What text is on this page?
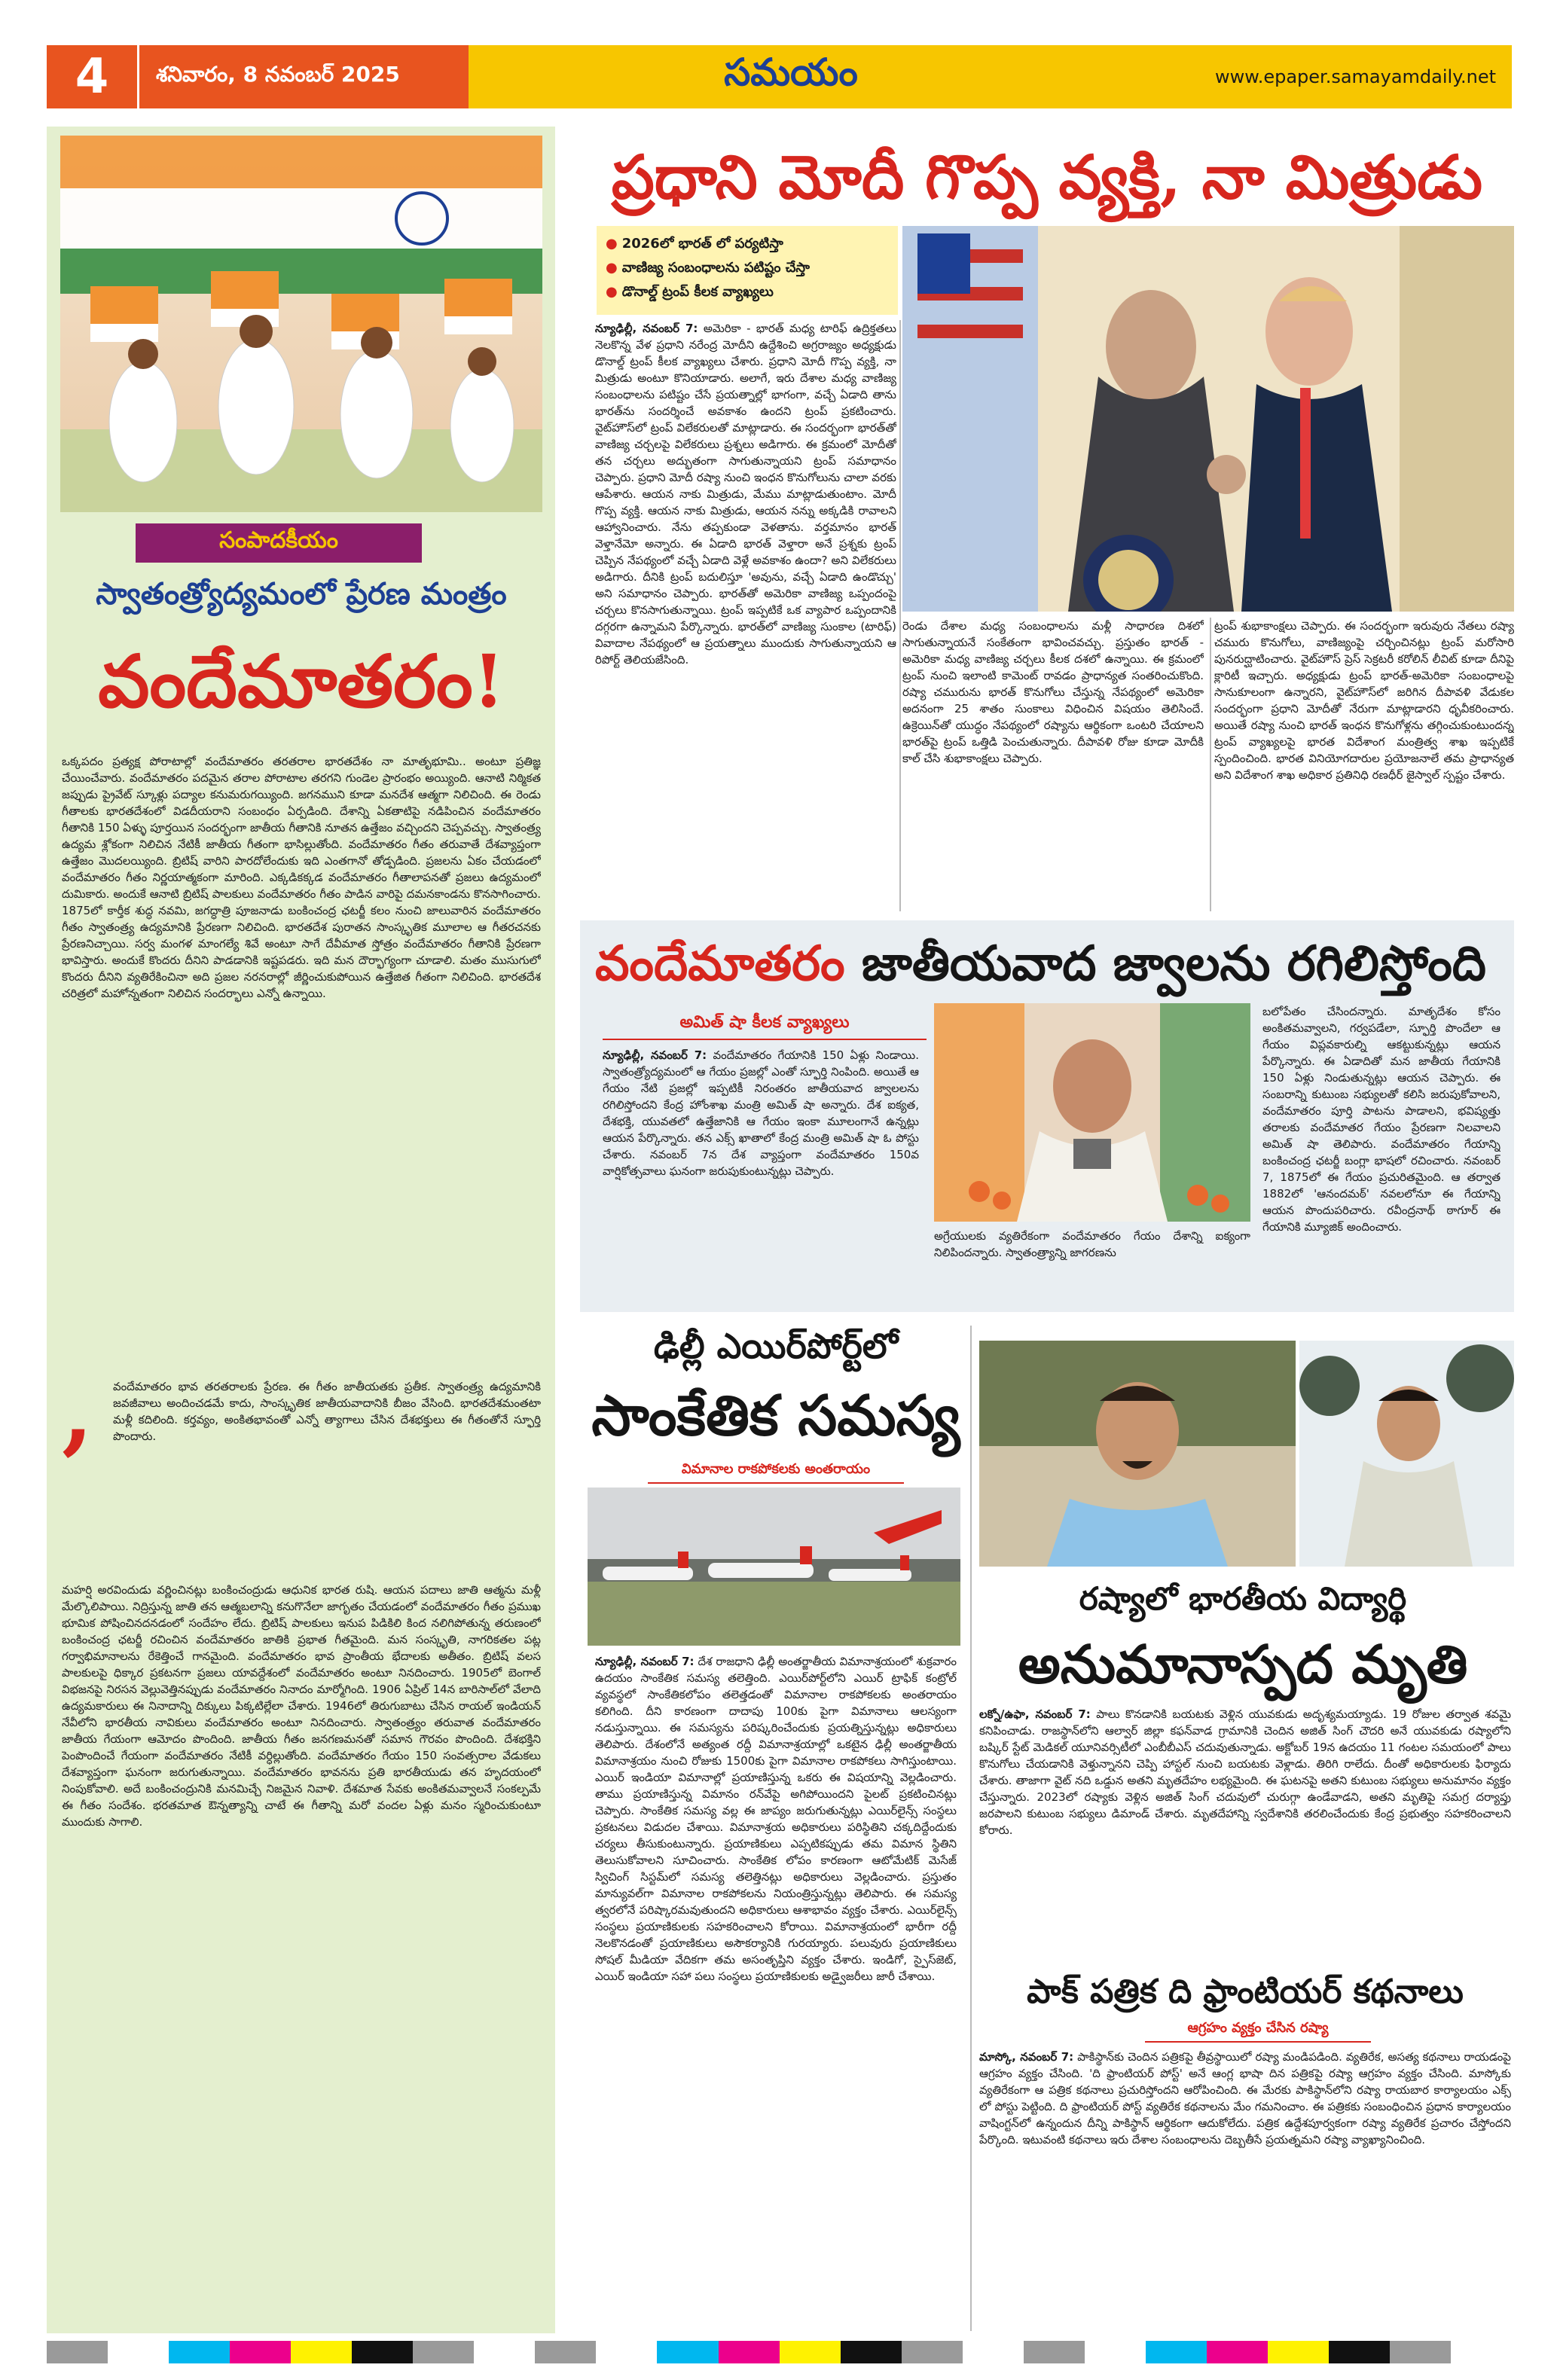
4	శనివారం, 8 నవంబర్ 2025	సమయం	www.epaper.samayamdaily.net
సంపాదకీయం
స్వాతంత్ర్యోద్యమంలో ప్రేరణ మంత్రం
వందేమాతరం!
ఒక్కపదం ప్రత్యక్ష పోరాటాల్లో వందేమాతరం తరతరాల భారతదేశం నా మాతృభూమి.. అంటూ ప్రతిజ్ఞ చేయించేవారు. వందేమాతరం పదమైన తరాల పోరాటాల తరగని గుండెల ప్రారంభం అయ్యింది. ఆనాటి నిఠ్మికత జప్పుడు ప్రైవేట్ స్కూళ్లు పద్యాల కనుమరుగయ్యింది. జగనముని కూడా మనదేశ ఆత్మగా నిలిచింది. ఈ రెండు గీతాలకు భారతదేశంలో విడదీయరాని సంబంధం ఏర్పడింది. దేశాన్ని ఏకతాటిపై నడిపించిన వందేమాతరం గీతానికి 150 ఏళ్ళు పూర్తయిన సందర్భంగా జాతీయ గీతానికి నూతన ఉత్తేజం వచ్చిందని చెప్పవచ్చు. స్వాతంత్ర్య ఉద్యమ శ్లోకంగా నిలిచిన నేటికీ జాతీయ గీతంగా భాసిల్లుతోంది. వందేమాతరం గీతం తరువాతే దేశవ్యాప్తంగా ఉత్తేజం మొదలయ్యింది. బ్రిటిష్ వారిని పారదోలేందుకు ఇది ఎంతగానో తోడ్పడింది. ప్రజలను ఏకం చేయడంలో వందేమాతరం గీతం నిర్ణయాత్మకంగా మారింది. ఎక్కడికక్కడ వందేమాతరం గీతాలాపనతో ప్రజలు ఉద్యమంలో దుమికారు. అందుకే ఆనాటి బ్రిటిష్ పాలకులు వందేమాతరం గీతం పాడిన వారిపై దమనకాండను కొనసాగించారు. 1875లో కార్తీక శుద్ధ నవమి, జగద్ధాత్రి పూజనాడు బంకించంద్ర ఛటర్జీ కలం నుంచి జాలువారిన వందేమాతరం గీతం స్వాతంత్ర్య ఉద్యమానికి ప్రేరణగా నిలిచింది. భారతదేశ పురాతన సాంస్కృతిక మూలాల ఆ గీతరచనకు ప్రేరణనిచ్చాయి. సర్వ మంగళ మాంగల్యే శివే అంటూ సాగే దేవీమాత స్తోత్రం వందేమాతరం గీతానికి ప్రేరణగా భావిస్తారు. అందుకే కొందరు దీనిని పాడడానికి ఇష్టపడరు. ఇది మన దౌర్భాగ్యంగా చూడాలి. మతం ముసుగులో కొందరు దీనిని వ్యతిరేకించినా అది ప్రజల నరనరాల్లో జీర్ణించుకుపోయిన ఉత్తేజిత గీతంగా నిలిచింది. భారతదేశ చరిత్రలో మహోన్నతంగా నిలిచిన సందర్భాలు ఎన్నో ఉన్నాయి.
,	వందేమాతరం భావ తరతరాలకు ప్రేరణ. ఈ గీతం జాతీయతకు ప్రతీక. స్వాతంత్ర్య ఉద్యమానికి జవజీవాలు అందించడమే కాదు, సాంస్కృతిక జాతీయవాదానికి బీజం వేసింది. భారతదేశమంతటా మళ్లీ కదిలింది. కర్తవ్యం, అంకితభావంతో ఎన్నో త్యాగాలు చేసిన దేశభక్తులు ఈ గీతంతోనే స్ఫూర్తి పొందారు.
మహర్షి అరవిందుడు వర్ణించినట్లు బంకించంద్రుడు ఆధునిక భారత రుషి. ఆయన పదాలు జాతి ఆత్మను మళ్లీ మేల్కొలిపాయి. నిద్రిస్తున్న జాతి తన ఆత్మబలాన్ని కనుగొనేలా జాగృతం చేయడంలో వందేమాతరం గీతం ప్రముఖ భూమిక పోషించినదనడంలో సందేహం లేదు. బ్రిటిష్ పాలకులు ఇనుప పిడికిలి కింద నలిగిపోతున్న తరుణంలో బంకించంద్ర ఛటర్జీ రచించిన వందేమాతరం జాతికి ప్రభాత గీతమైంది. మన సంస్కృతి, నాగరికతల పట్ల గర్వాభిమానాలను రేకెత్తించే గానమైంది. వందేమాతరం భావ ప్రాంతీయ భేదాలకు అతీతం. బ్రిటిష్ వలస పాలకులపై ధిక్కార ప్రకటనగా ప్రజలు యావద్దేశంలో వందేమాతరం అంటూ నినదించారు. 1905లో బెంగాల్ విభజనపై నిరసన వెల్లువెత్తినప్పుడు వందేమాతరం నినాదం మార్మోగింది. 1906 ఏప్రిల్ 14న బారిసాల్‌లో వేలాది ఉద్యమకారులు ఈ నినాదాన్ని దిక్కులు పిక్కటిల్లేలా చేశారు. 1946లో తిరుగుబాటు చేసిన రాయల్ ఇండియన్ నేవీలోని భారతీయ నావికులు వందేమాతరం అంటూ నినదించారు. స్వాతంత్ర్యం తరువాత వందేమాతరం జాతీయ గేయంగా ఆమోదం పొందింది. జాతీయ గీతం జనగణమనతో సమాన గౌరవం పొందింది. దేశభక్తిని పెంపొందించే గేయంగా వందేమాతరం నేటికీ వర్ధిల్లుతోంది. వందేమాతరం గేయం 150 సంవత్సరాల వేడుకలు దేశవ్యాప్తంగా ఘనంగా జరుగుతున్నాయి. వందేమాతరం భావనను ప్రతి భారతీయుడు తన హృదయంలో నింపుకోవాలి. అదే బంకించంద్రునికి మనమిచ్చే నిజమైన నివాళి. దేశమాత సేవకు అంకితమవ్వాలనే సంకల్పమే ఈ గీతం సందేశం. భరతమాత ఔన్నత్యాన్ని చాటే ఈ గీతాన్ని మరో వందల ఏళ్లు మనం స్మరించుకుంటూ ముందుకు సాగాలి.
ప్రధాని మోదీ గొప్ప వ్యక్తి, నా మిత్రుడు
● 2026లో భారత్ లో పర్యటిస్తా
● వాణిజ్య సంబంధాలను పటిష్టం చేస్తా
● డొనాల్డ్ ట్రంప్ కీలక వ్యాఖ్యలు
న్యూఢిల్లీ, నవంబర్ 7: అమెరికా - భారత్ మధ్య టారిఫ్ ఉద్రిక్తతలు నెలకొన్న వేళ ప్రధాని నరేంద్ర మోదీని ఉద్దేశించి అగ్రరాజ్యం అధ్యక్షుడు డొనాల్డ్ ట్రంప్ కీలక వ్యాఖ్యలు చేశారు. ప్రధాని మోదీ గొప్ప వ్యక్తి, నా మిత్రుడు అంటూ కొనియాడారు. అలాగే, ఇరు దేశాల మధ్య వాణిజ్య సంబంధాలను పటిష్టం చేసే ప్రయత్నాల్లో భాగంగా, వచ్చే ఏడాది తాను భారత్‌ను సందర్శించే అవకాశం ఉందని ట్రంప్ ప్రకటించారు. వైట్‌హౌస్‌లో ట్రంప్ విలేకరులతో మాట్లాడారు. ఈ సందర్భంగా భారత్‌తో వాణిజ్య చర్చలపై విలేకరులు ప్రశ్నలు అడిగారు. ఈ క్రమంలో మోదీతో తన చర్చలు అద్భుతంగా సాగుతున్నాయని ట్రంప్ సమాధానం చెప్పారు. ప్రధాని మోదీ రష్యా నుంచి ఇంధన కొనుగోలును చాలా వరకు ఆపేశారు. ఆయన నాకు మిత్రుడు, మేము మాట్లాడుతుంటాం. మోదీ గొప్ప వ్యక్తి. ఆయన నాకు మిత్రుడు, ఆయన నన్ను అక్కడికి రావాలని ఆహ్వానించారు. నేను తప్పకుండా వెళతాను. వర్తమానం భారత్ వెళ్తానేమో అన్నారు. ఈ ఏడాది భారత్ వెళ్తారా అనే ప్రశ్నకు ట్రంప్ చెప్పిన నేపథ్యంలో వచ్చే ఏడాది వెళ్లే అవకాశం ఉందా? అని విలేకరులు అడిగారు. దీనికి ట్రంప్ బదులిస్తూ 'అవును, వచ్చే ఏడాది ఉండొచ్చు' అని సమాధానం చెప్పారు. భారత్‌తో అమెరికా వాణిజ్య ఒప్పందంపై చర్చలు కొనసాగుతున్నాయి. ట్రంప్ ఇప్పటికే ఒక వ్యాపార ఒప్పందానికి దగ్గరగా ఉన్నామని పేర్కొన్నారు. భారత్‌లో వాణిజ్య సుంకాల (టారిఫ్) వివాదాల నేపథ్యంలో ఆ ప్రయత్నాలు ముందుకు సాగుతున్నాయని ఆ రిపోర్ట్ తెలియజేసింది.
రెండు దేశాల మధ్య సంబంధాలను మళ్లీ సాధారణ దిశలో సాగుతున్నాయనే సంకేతంగా భావించవచ్చు. ప్రస్తుతం భారత్ - అమెరికా మధ్య వాణిజ్య చర్చలు కీలక దశలో ఉన్నాయి. ఈ క్రమంలో ట్రంప్ నుంచి ఇలాంటి కామెంట్ రావడం ప్రాధాన్యత సంతరించుకొంది. రష్యా చమురును భారత్ కొనుగోలు చేస్తున్న నేపథ్యంలో అమెరికా అదనంగా 25 శాతం సుంకాలు విధించిన విషయం తెలిసిందే. ఉక్రెయిన్‌తో యుద్ధం నేపథ్యంలో రష్యాను ఆర్థికంగా ఒంటరి చేయాలని భారత్‌పై ట్రంప్ ఒత్తిడి పెంచుతున్నారు. దీపావళి రోజు కూడా మోదీకి కాల్ చేసి శుభాకాంక్షలు చెప్పారు.
ట్రంప్ శుభాకాంక్షలు చెప్పారు. ఈ సందర్భంగా ఇరువురు నేతలు రష్యా చమురు కొనుగోలు, వాణిజ్యంపై చర్చించినట్లు ట్రంప్ మరోసారి పునరుద్ఘాటించారు. వైట్‌హౌస్ ప్రెస్ సెక్రటరీ కరోలిన్ లీవిట్ కూడా దీనిపై క్లారిటీ ఇచ్చారు. అధ్యక్షుడు ట్రంప్ భారత్-అమెరికా సంబంధాలపై సానుకూలంగా ఉన్నారని, వైట్‌హౌస్‌లో జరిగిన దీపావళి వేడుకల సందర్భంగా ప్రధాని మోదీతో నేరుగా మాట్లాడారని ధృవీకరించారు. అయితే రష్యా నుంచి భారత్ ఇంధన కొనుగోళ్లను తగ్గించుకుంటుందన్న ట్రంప్ వ్యాఖ్యలపై భారత విదేశాంగ మంత్రిత్వ శాఖ ఇప్పటికే స్పందించింది. భారత వినియోగదారుల ప్రయోజనాలే తమ ప్రాధాన్యత అని విదేశాంగ శాఖ అధికార ప్రతినిధి రణధీర్ జైస్వాల్ స్పష్టం చేశారు.
వందేమాతరం జాతీయవాద జ్వాలను రగిలిస్తోంది
అమిత్ షా కీలక వ్యాఖ్యలు
న్యూఢిల్లీ, నవంబర్ 7: వందేమాతరం గేయానికి 150 ఏళ్లు నిండాయి. స్వాతంత్ర్యోద్యమంలో ఆ గేయం ప్రజల్లో ఎంతో స్ఫూర్తి నింపింది. అయితే ఆ గేయం నేటి ప్రజల్లో ఇప్పటికీ నిరంతరం జాతీయవాద జ్వాలలను రగిలిస్తోందని కేంద్ర హోంశాఖ మంత్రి అమిత్ షా అన్నారు. దేశ ఐక్యత, దేశభక్తి, యువతలో ఉత్తేజానికి ఆ గేయం ఇంకా మూలంగానే ఉన్నట్లు ఆయన పేర్కొన్నారు. తన ఎక్స్ ఖాతాలో కేంద్ర మంత్రి అమిత్ షా ఓ పోస్టు చేశారు. నవంబర్ 7న దేశ వ్యాప్తంగా వందేమాతరం 150వ వార్షికోత్సవాలు ఘనంగా జరుపుకుంటున్నట్లు చెప్పారు.
అగ్రేయులకు వ్యతిరేకంగా వందేమాతరం గేయం దేశాన్ని ఐక్యంగా నిలిపిందన్నారు. స్వాతంత్ర్యాన్ని జాగరణను
బలోపేతం చేసిందన్నారు. మాతృదేశం కోసం అంకితమవ్వాలని, గర్వపడేలా, స్ఫూర్తి పొందేలా ఆ గేయం విప్లవకారుల్ని ఆకట్టుకున్నట్లు ఆయన పేర్కొన్నారు. ఈ ఏడాదితో మన జాతీయ గేయానికి 150 ఏళ్లు నిండుతున్నట్లు ఆయన చెప్పారు. ఈ సంబరాన్ని కుటుంబ సభ్యులతో కలిసి జరుపుకోవాలని, వందేమాతరం పూర్తి పాటను పాడాలని, భవిష్యత్తు తరాలకు వందేమాతర గేయం ప్రేరణగా నిలవాలని అమిత్ షా తెలిపారు. వందేమాతరం గేయాన్ని బంకించంద్ర ఛటర్జీ బంగ్లా భాషలో రచించారు. నవంబర్ 7, 1875లో ఈ గేయం ప్రచురితమైంది. ఆ తర్వాత 1882లో 'ఆనందమఠ్' నవలలోనూ ఈ గేయాన్ని ఆయన పొందుపరిచారు. రవీంద్రనాథ్ ఠాగూర్ ఈ గేయానికి మ్యూజిక్ అందించారు.
ఢిల్లీ ఎయిర్‌పోర్ట్‌లో
సాంకేతిక సమస్య
విమానాల రాకపోకలకు అంతరాయం
న్యూఢిల్లీ, నవంబర్ 7: దేశ రాజధాని ఢిల్లీ అంతర్జాతీయ విమానాశ్రయంలో శుక్రవారం ఉదయం సాంకేతిక సమస్య తలెత్తింది. ఎయిర్‌పోర్ట్‌లోని ఎయిర్ ట్రాఫిక్ కంట్రోల్ వ్యవస్థలో సాంకేతికలోపం తలెత్తడంతో విమానాల రాకపోకలకు అంతరాయం కలిగింది. దీని కారణంగా దాదాపు 100కు పైగా విమానాలు ఆలస్యంగా నడుస్తున్నాయి. ఈ సమస్యను పరిష్కరించేందుకు ప్రయత్నిస్తున్నట్లు అధికారులు తెలిపారు. దేశంలోనే అత్యంత రద్దీ విమానాశ్రయాల్లో ఒకటైన ఢిల్లీ అంతర్జాతీయ విమానాశ్రయం నుంచి రోజుకు 1500కు పైగా విమానాల రాకపోకలు సాగిస్తుంటాయి. ఎయిర్ ఇండియా విమానాల్లో ప్రయాణిస్తున్న ఒకరు ఈ విషయాన్ని వెల్లడించారు. తాము ప్రయాణిస్తున్న విమానం రన్‌వేపై అగిపోయిందని పైలట్ ప్రకటించినట్లు చెప్పారు. సాంకేతిక సమస్య వల్ల ఈ జాప్యం జరుగుతున్నట్లు ఎయిర్‌లైన్స్ సంస్థలు ప్రకటనలు విడుదల చేశాయి. విమానాశ్రయ అధికారులు పరిస్థితిని చక్కదిద్దేందుకు చర్యలు తీసుకుంటున్నారు. ప్రయాణికులు ఎప్పటికప్పుడు తమ విమాన స్థితిని తెలుసుకోవాలని సూచించారు. సాంకేతిక లోపం కారణంగా ఆటోమేటిక్ మెసేజ్ స్విచింగ్ సిస్టమ్‌లో సమస్య తలెత్తినట్లు అధికారులు వెల్లడించారు. ప్రస్తుతం మాన్యువల్‌గా విమానాల రాకపోకలను నియంత్రిస్తున్నట్లు తెలిపారు. ఈ సమస్య త్వరలోనే పరిష్కారమవుతుందని అధికారులు ఆశాభావం వ్యక్తం చేశారు. ఎయిర్‌లైన్స్ సంస్థలు ప్రయాణికులకు సహకరించాలని కోరాయి. విమానాశ్రయంలో భారీగా రద్దీ నెలకొనడంతో ప్రయాణికులు అసౌకర్యానికి గురయ్యారు. పలువురు ప్రయాణికులు సోషల్ మీడియా వేదికగా తమ అసంతృప్తిని వ్యక్తం చేశారు. ఇండిగో, స్పైస్‌జెట్, ఎయిర్ ఇండియా సహా పలు సంస్థలు ప్రయాణికులకు అడ్వైజరీలు జారీ చేశాయి.
రష్యాలో భారతీయ విద్యార్థి
అనుమానాస్పద మృతి
లక్నో/ఉఫా, నవంబర్ 7: పాలు కొనడానికి బయటకు వెళ్లిన యువకుడు అదృశ్యమయ్యాడు. 19 రోజుల తర్వాత శవమై కనిపించాడు. రాజస్థాన్‌లోని ఆల్వార్ జిల్లా కఫన్‌వాడ గ్రామానికి చెందిన అజిత్ సింగ్ చౌదరి అనే యువకుడు రష్యాలోని బష్కిర్ స్టేట్ మెడికల్ యూనివర్సిటీలో ఎంబీబీఎస్ చదువుతున్నాడు. అక్టోబర్ 19న ఉదయం 11 గంటల సమయంలో పాలు కొనుగోలు చేయడానికి వెళ్తున్నానని చెప్పి హాస్టల్ నుంచి బయటకు వెళ్లాడు. తిరిగి రాలేదు. దీంతో అధికారులకు ఫిర్యాదు చేశారు. తాజాగా వైట్ నది ఒడ్డున అతని మృతదేహం లభ్యమైంది. ఈ ఘటనపై అతని కుటుంబ సభ్యులు అనుమానం వ్యక్తం చేస్తున్నారు. 2023లో రష్యాకు వెళ్లిన అజిత్ సింగ్ చదువులో చురుగ్గా ఉండేవాడని, అతని మృతిపై సమగ్ర దర్యాప్తు జరపాలని కుటుంబ సభ్యులు డిమాండ్ చేశారు. మృతదేహాన్ని స్వదేశానికి తరలించేందుకు కేంద్ర ప్రభుత్వం సహకరించాలని కోరారు.
పాక్ పత్రిక ది ఫ్రాంటియర్ కథనాలు
ఆగ్రహం వ్యక్తం చేసిన రష్యా
మాస్కో, నవంబర్ 7: పాకిస్థాన్‌కు చెందిన పత్రికపై తీవ్రస్థాయిలో రష్యా మండిపడింది. వ్యతిరేక, అసత్య కథనాలు రాయడంపై ఆగ్రహం వ్యక్తం చేసింది. 'ది ఫ్రాంటియర్ పోస్ట్' అనే ఆంగ్ల భాషా దిన పత్రికపై రష్యా ఆగ్రహం వ్యక్తం చేసింది. మాస్కోకు వ్యతిరేకంగా ఆ పత్రిక కథనాలు ప్రచురిస్తోందని ఆరోపించింది. ఈ మేరకు పాకిస్థాన్‌లోని రష్యా రాయబార కార్యాలయం ఎక్స్ లో పోస్టు పెట్టింది. ది ఫ్రాంటియర్ పోస్ట్ వ్యతిరేక కథనాలను మేం గమనించాం. ఈ పత్రికకు సంబంధించిన ప్రధాన కార్యాలయం వాషింగ్టన్‌లో ఉన్నందున దీన్ని పాకిస్థాన్ ఆర్థికంగా ఆదుకోలేదు. పత్రిక ఉద్దేశపూర్వకంగా రష్యా వ్యతిరేక ప్రచారం చేస్తోందని పేర్కొంది. ఇటువంటి కథనాలు ఇరు దేశాల సంబంధాలను దెబ్బతీసే ప్రయత్నమని రష్యా వ్యాఖ్యానించింది.
